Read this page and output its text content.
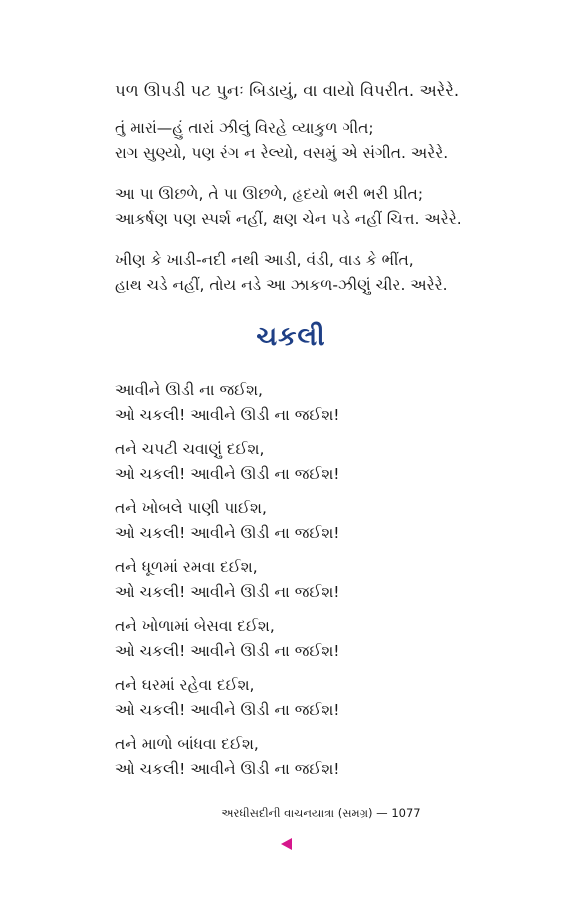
પળ ઊપડી પટ પુનઃ બિડાયું, વા વાયો વિપરીત. અરેરે.
તું મારાં—હું તારાં ઝીલું વિરહે વ્યાકુળ ગીત;
રાગ સુણ્યો, પણ રંગ ન રેલ્યો, વસમું એ સંગીત. અરેરે.
આ પા ઊછળે, તે પા ઊછળે, હૃદયો ભરી ભરી પ્રીત;
આકર્ષણ પણ સ્પર્શ નહીં, ક્ષણ ચેન પડે નહીં ચિત્ત. અરેરે.
ખીણ કે ખાડી-નદી નથી આડી, વંડી, વાડ કે ભીંત,
હાથ ચડે નહીં, તોય નડે આ ઝાકળ-ઝીણું ચીર. અરેરે.
ચકલી
આવીને ઊડી ના જઈશ,
ઓ ચકલી! આવીને ઊડી ના જઈશ!
તને ચપટી ચવાણું દઈશ,
ઓ ચકલી! આવીને ઊડી ના જઈશ!
તને ખોબલે પાણી પાઈશ,
ઓ ચકલી! આવીને ઊડી ના જઈશ!
તને ધૂળમાં રમવા દઈશ,
ઓ ચકલી! આવીને ઊડી ના જઈશ!
તને ખોળામાં બેસવા દઈશ,
ઓ ચકલી! આવીને ઊડી ના જઈશ!
તને ઘરમાં રહેવા દઈશ,
ઓ ચકલી! આવીને ઊડી ના જઈશ!
તને માળો બાંધવા દઈશ,
ઓ ચકલી! આવીને ઊડી ના જઈશ!
અરધીસદીની વાચનયાત્રા (સમગ્ર) — 1077
